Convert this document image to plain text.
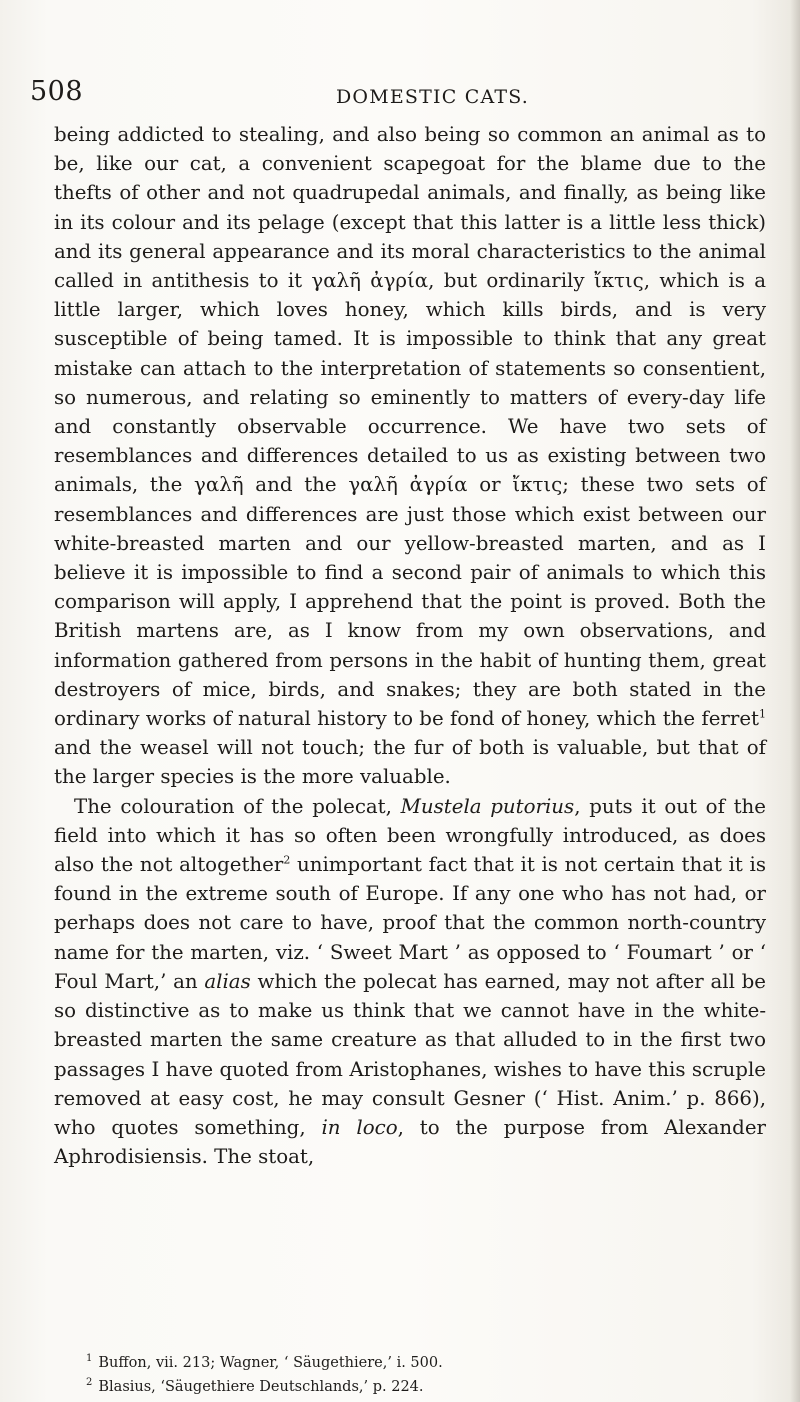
508	DOMESTIC CATS.

being addicted to stealing, and also being so common an animal as to be, like our cat, a convenient scapegoat for the blame due to the thefts of other and not quadrupedal animals, and finally, as being like in its colour and its pelage (except that this latter is a little less thick) and its general appearance and its moral characteristics to the animal called in antithesis to it γαλῆ ἀγρία, but ordinarily ἴκτις, which is a little larger, which loves honey, which kills birds, and is very susceptible of being tamed. It is impossible to think that any great mistake can attach to the interpretation of statements so consentient, so numerous, and relating so eminently to matters of every-day life and constantly observable occurrence. We have two sets of resemblances and differences detailed to us as existing between two animals, the γαλῆ and the γαλῆ ἀγρία or ἴκτις; these two sets of resemblances and differences are just those which exist between our white-breasted marten and our yellow-breasted marten, and as I believe it is impossible to find a second pair of animals to which this comparison will apply, I apprehend that the point is proved. Both the British martens are, as I know from my own observations, and information gathered from persons in the habit of hunting them, great destroyers of mice, birds, and snakes; they are both stated in the ordinary works of natural history to be fond of honey, which the ferret$^1$ and the weasel will not touch; the fur of both is valuable, but that of the larger species is the more valuable.

The colouration of the polecat, Mustela putorius, puts it out of the field into which it has so often been wrongfully introduced, as does also the not altogether$^2$ unimportant fact that it is not certain that it is found in the extreme south of Europe. If any one who has not had, or perhaps does not care to have, proof that the common north-country name for the marten, viz. ‘ Sweet Mart ’ as opposed to ‘ Foumart ’ or ‘ Foul Mart,’ an alias which the polecat has earned, may not after all be so distinctive as to make us think that we cannot have in the white-breasted marten the same creature as that alluded to in the first two passages I have quoted from Aristophanes, wishes to have this scruple removed at easy cost, he may consult Gesner (‘ Hist. Anim.’ p. 866), who quotes something, in loco, to the purpose from Alexander Aphrodisiensis. The stoat,

$^1$ Buffon, vii. 213; Wagner, ‘ Säugethiere,’ i. 500.

$^2$ Blasius, ‘Säugethiere Deutschlands,’ p. 224.
